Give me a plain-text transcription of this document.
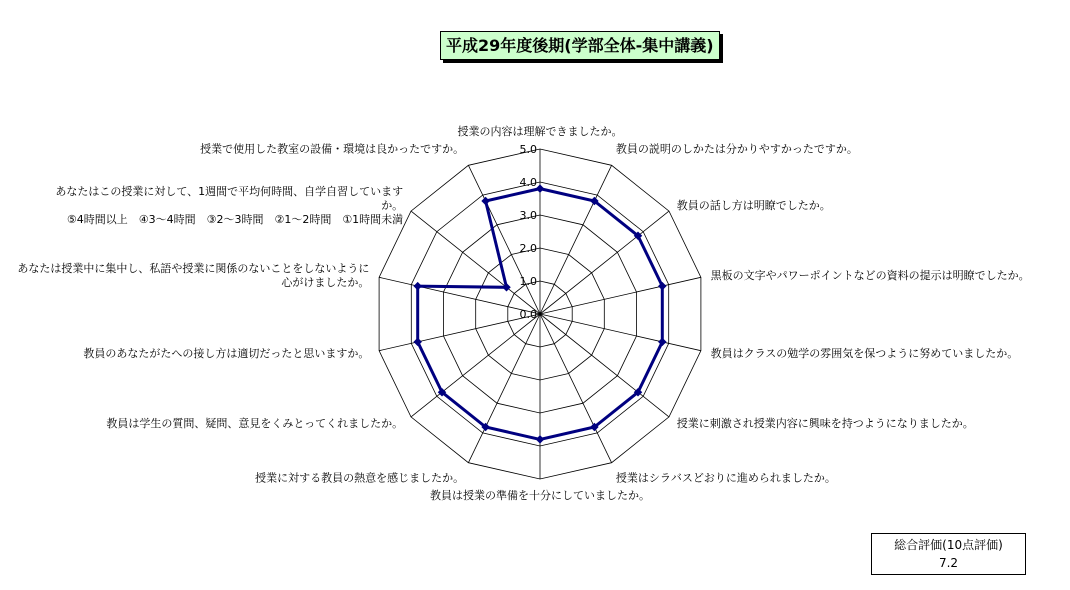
0.0
1.0
2.0
3.0
4.0
5.0
授業の内容は理解できましたか。
教員の説明のしかたは分かりやすかったですか。
教員の話し方は明瞭でしたか。
黒板の文字やパワーポイントなどの資料の提示は明瞭でしたか。
教員はクラスの勉学の雰囲気を保つように努めていましたか。
授業に刺激され授業内容に興味を持つようになりましたか。
授業はシラバスどおりに進められましたか。
教員は授業の準備を十分にしていましたか。
授業に対する教員の熱意を感じましたか。
教員は学生の質問、疑問、意見をくみとってくれましたか。
教員のあなたがたへの接し方は適切だったと思いますか。
あなたは授業中に集中し、私語や授業に関係のないことをしないように心がけましたか。
あなたはこの授業に対して、1週間で平均何時間、自学自習していますか。 ⑤4時間以上　④3～4時間　③2～3時間　②1～2時間　①1時間未満
授業で使用した教室の設備・環境は良かったですか。
平成29年度後期(学部全体-集中講義)
総合評価(10点評価)
7.2
